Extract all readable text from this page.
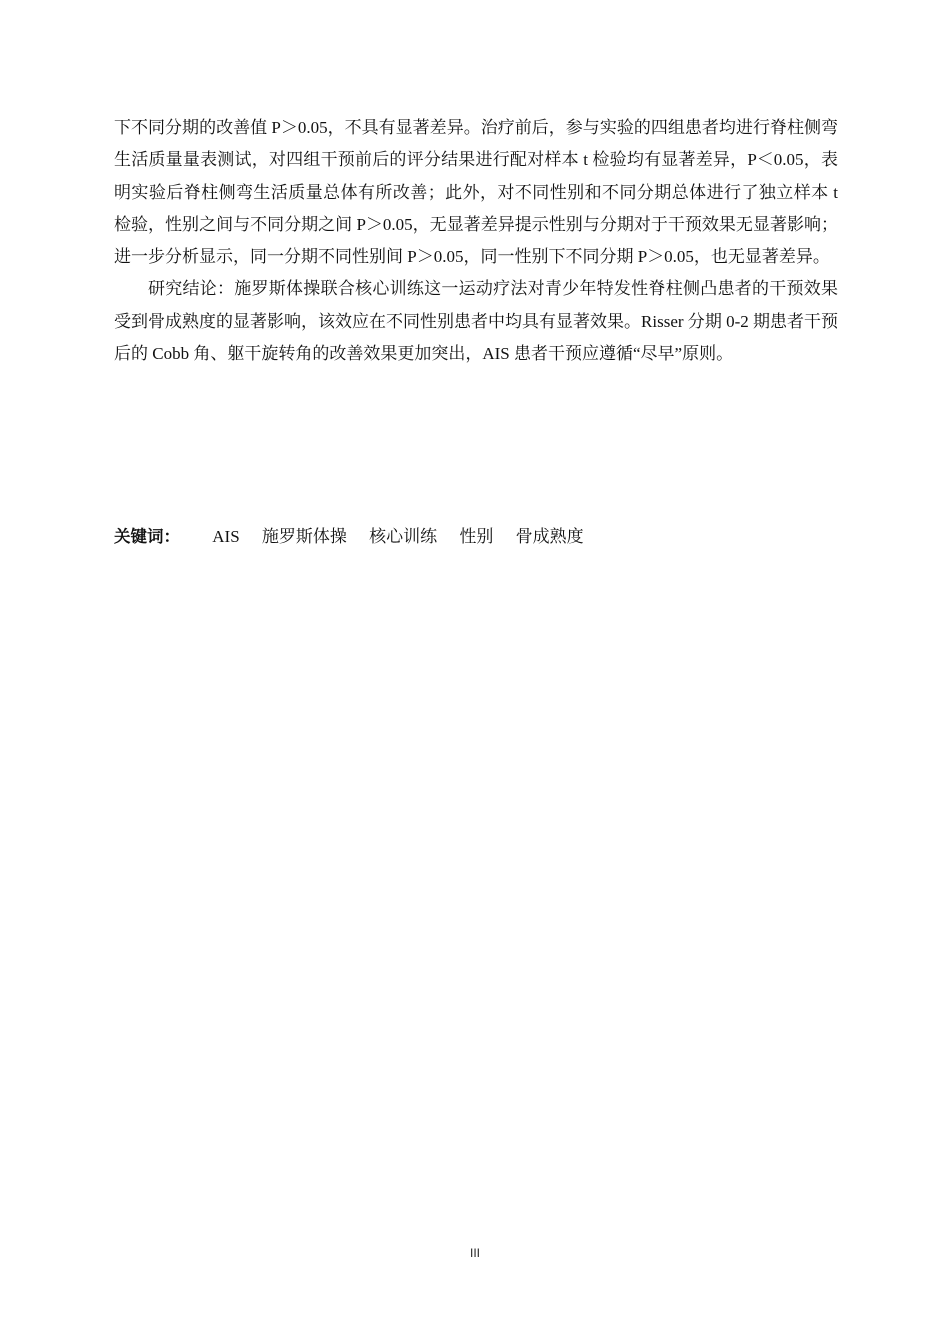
下不同分期的改善值 P＞0.05，不具有显著差异。治疗前后，参与实验的四组患者均进行脊柱侧弯生活质量量表测试，对四组干预前后的评分结果进行配对样本 t 检验均有显著差异，P＜0.05，表明实验后脊柱侧弯生活质量总体有所改善；此外，对不同性别和不同分期总体进行了独立样本 t 检验，性别之间与不同分期之间 P＞0.05，无显著差异提示性别与分期对于干预效果无显著影响；进一步分析显示，同一分期不同性别间 P＞0.05，同一性别下不同分期 P＞0.05，也无显著差异。

研究结论：施罗斯体操联合核心训练这一运动疗法对青少年特发性脊柱侧凸患者的干预效果受到骨成熟度的显著影响，该效应在不同性别患者中均具有显著效果。Risser 分期 0-2 期患者干预后的 Cobb 角、躯干旋转角的改善效果更加突出，AIS 患者干预应遵循“尽早”原则。

关键词： AIS 施罗斯体操 核心训练 性别 骨成熟度
III
